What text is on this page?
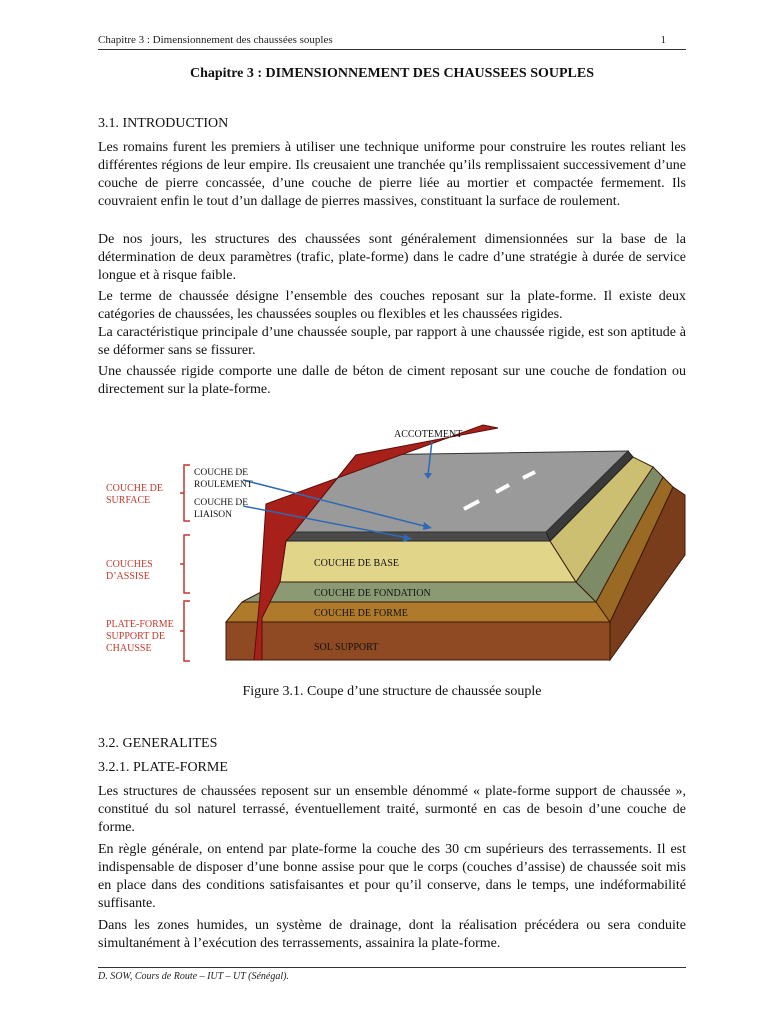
Chapitre 3 : Dimensionnement des chaussées souples	1
Chapitre 3 : DIMENSIONNEMENT DES CHAUSSEES SOUPLES
3.1. INTRODUCTION

Les romains furent les premiers à utiliser une technique uniforme pour construire les routes reliant les différentes régions de leur empire. Ils creusaient une tranchée qu’ils remplissaient successivement d’une couche de pierre concassée, d’une couche de pierre liée au mortier et compactée fermement. Ils couvraient enfin le tout d’un dallage de pierres massives, constituant la surface de roulement.

De nos jours, les structures des chaussées sont généralement dimensionnées sur la base de la détermination de deux paramètres (trafic, plate-forme) dans le cadre d’une stratégie à durée de service longue et à risque faible.

Le terme de chaussée désigne l’ensemble des couches reposant sur la plate-forme. Il existe deux catégories de chaussées, les chaussées souples ou flexibles et les chaussées rigides.

La caractéristique principale d’une chaussée souple, par rapport à une chaussée rigide, est son aptitude à se déformer sans se fissurer.

Une chaussée rigide comporte une dalle de béton de ciment reposant sur une couche de fondation ou directement sur la plate-forme.

ACCOTEMENT
COUCHE DE
SURFACE
COUCHES
D’ASSISE
PLATE-FORME
SUPPORT DE
CHAUSSE
COUCHE DE
ROULEMENT
COUCHE DE
LIAISON
COUCHE DE BASE
COUCHE DE FONDATION
COUCHE DE FORME
SOL SUPPORT
Figure 3.1. Coupe d’une structure de chaussée souple
3.2. GENERALITES
3.2.1. PLATE-FORME

Les structures de chaussées reposent sur un ensemble dénommé « plate-forme support de chaussée », constitué du sol naturel terrassé, éventuellement traité, surmonté en cas de besoin d’une couche de forme.

En règle générale, on entend par plate-forme la couche des 30 cm supérieurs des terrassements. Il est indispensable de disposer d’une bonne assise pour que le corps (couches d’assise) de chaussée soit mis en place dans des conditions satisfaisantes et pour qu’il conserve, dans le temps, une indéformabilité suffisante.

Dans les zones humides, un système de drainage, dont la réalisation précédera ou sera conduite simultanément à l’exécution des terrassements, assainira la plate-forme.

D. SOW, Cours de Route – IUT – UT (Sénégal).
